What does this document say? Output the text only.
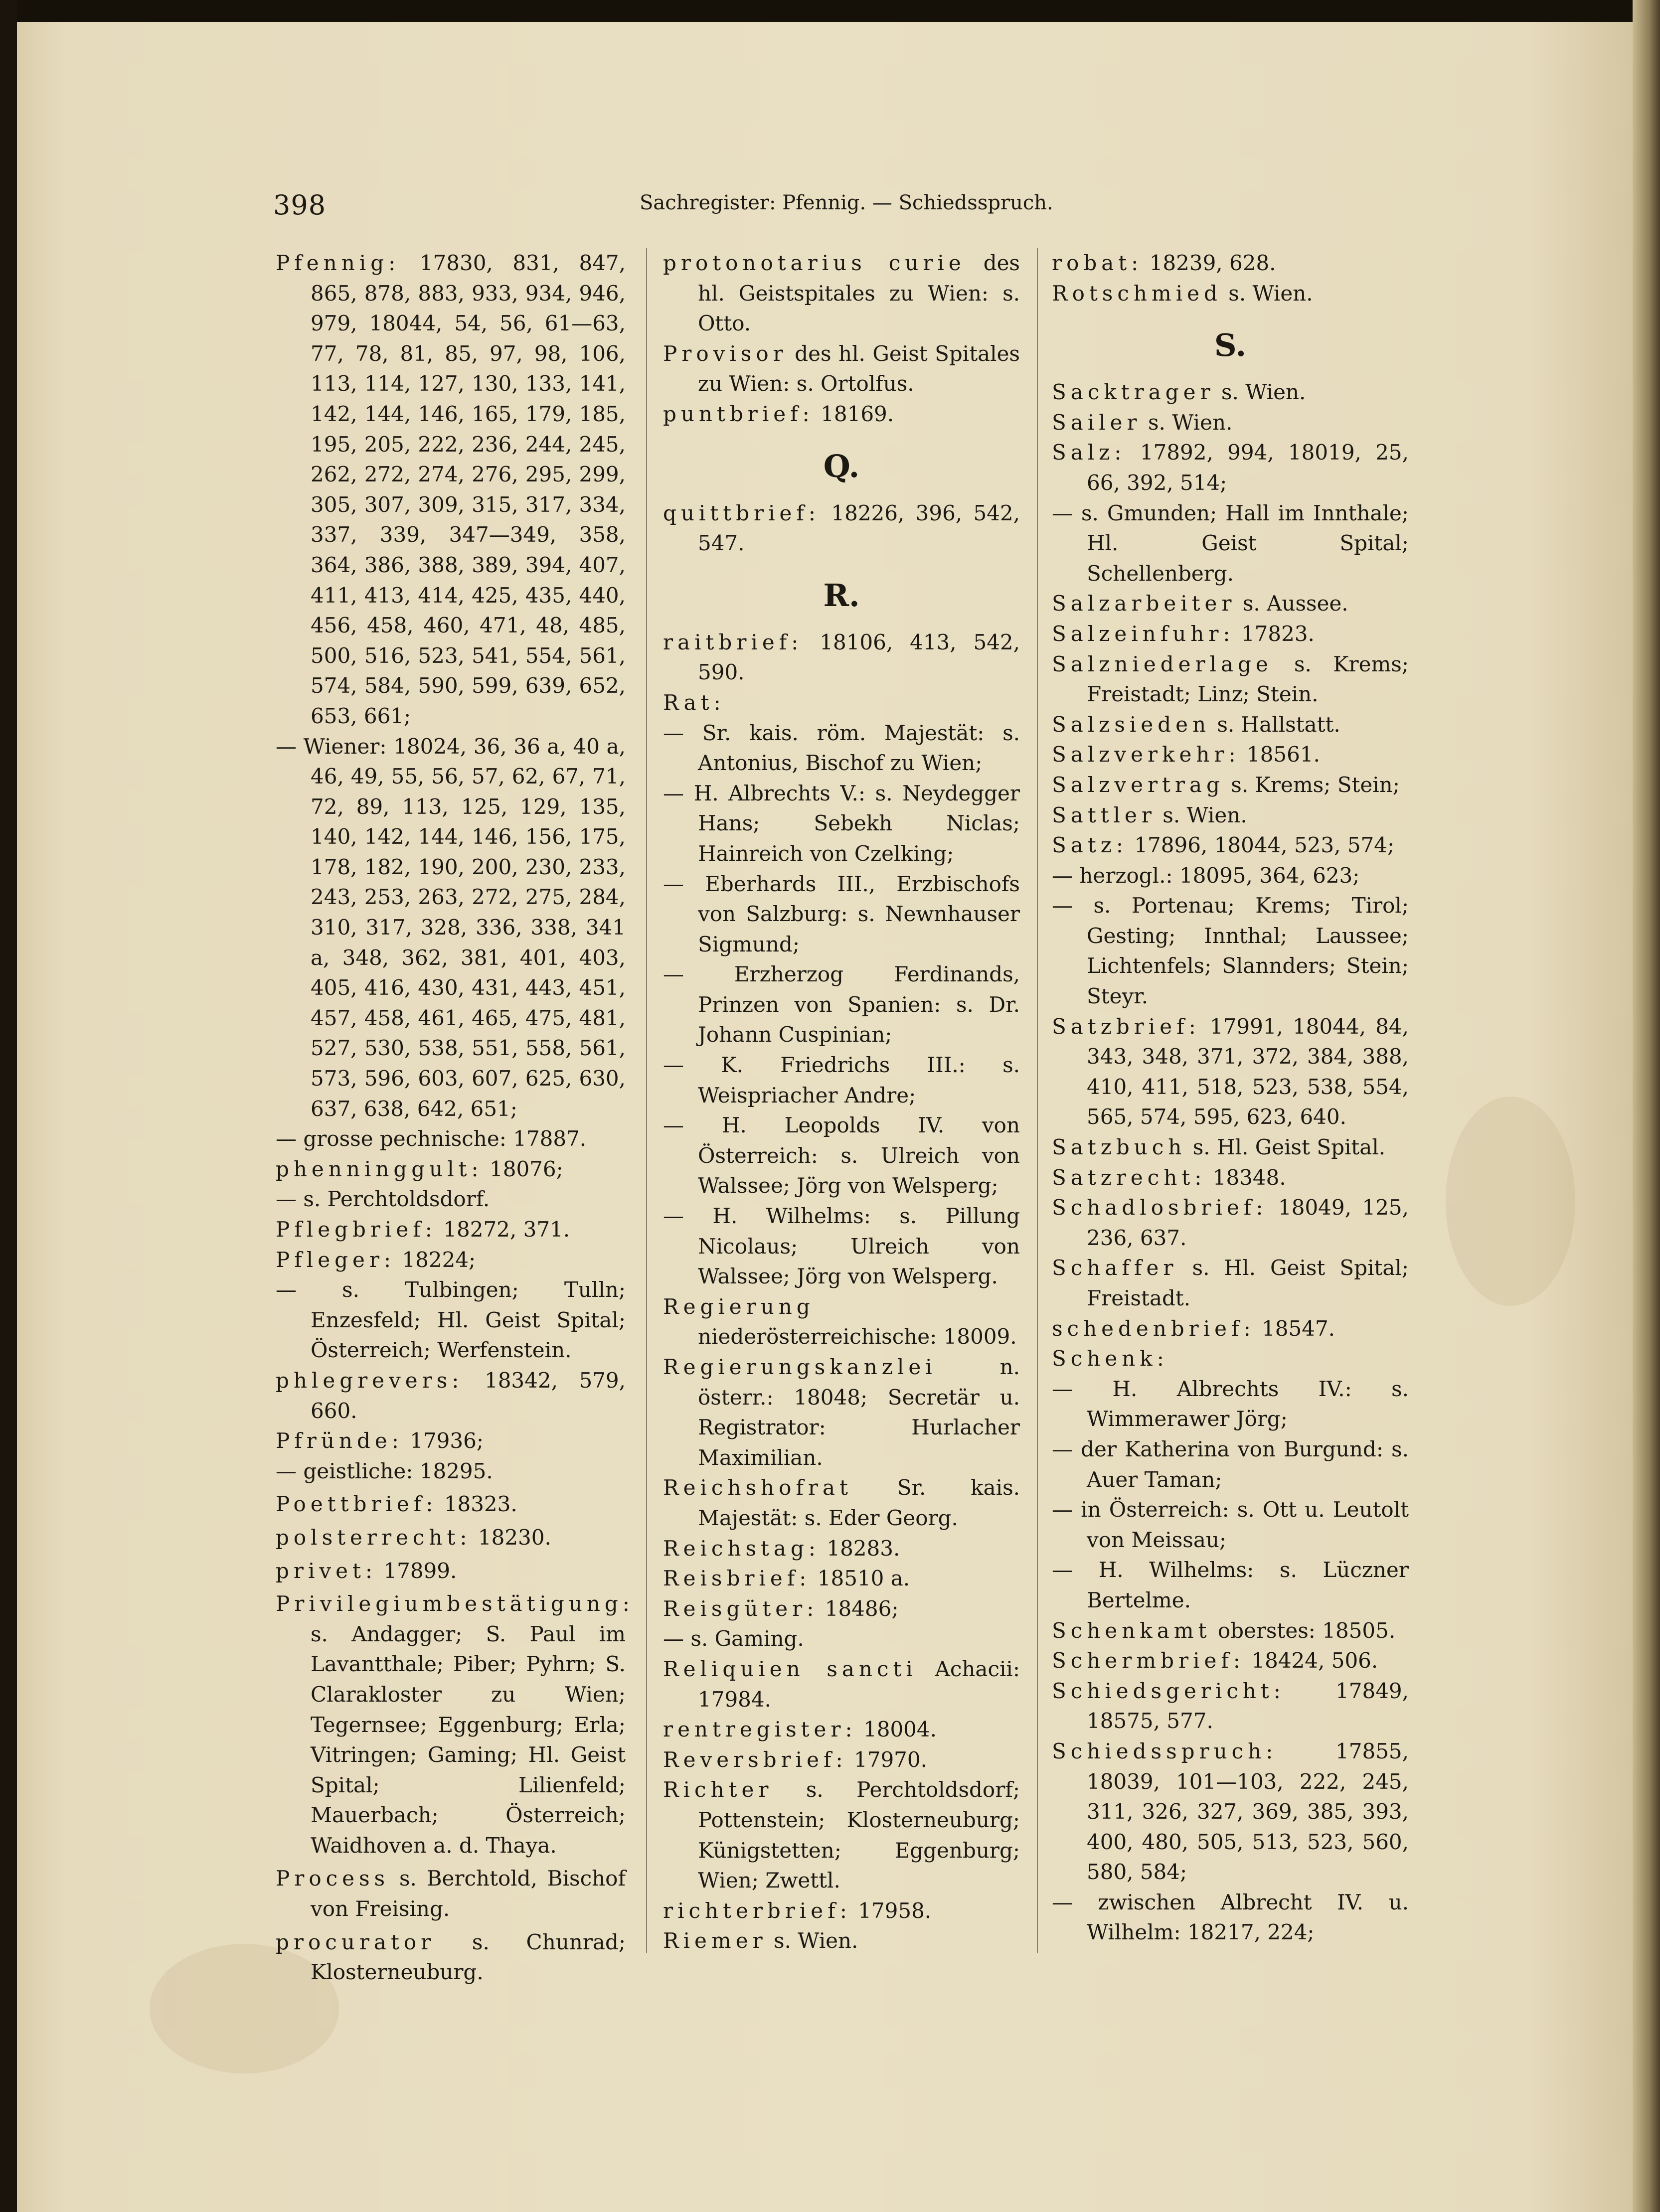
398	Sachregister: Pfennig. — Schiedsspruch.

Pfennig: 17830, 831, 847, 865, 878, 883, 933, 934, 946, 979, 18044, 54, 56, 61—63, 77, 78, 81, 85, 97, 98, 106, 113, 114, 127, 130, 133, 141, 142, 144, 146, 165, 179, 185, 195, 205, 222, 236, 244, 245, 262, 272, 274, 276, 295, 299, 305, 307, 309, 315, 317, 334, 337, 339, 347—349, 358, 364, 386, 388, 389, 394, 407, 411, 413, 414, 425, 435, 440, 456, 458, 460, 471, 48, 485, 500, 516, 523, 541, 554, 561, 574, 584, 590, 599, 639, 652, 653, 661;

— Wiener: 18024, 36, 36 a, 40 a, 46, 49, 55, 56, 57, 62, 67, 71, 72, 89, 113, 125, 129, 135, 140, 142, 144, 146, 156, 175, 178, 182, 190, 200, 230, 233, 243, 253, 263, 272, 275, 284, 310, 317, 328, 336, 338, 341 a, 348, 362, 381, 401, 403, 405, 416, 430, 431, 443, 451, 457, 458, 461, 465, 475, 481, 527, 530, 538, 551, 558, 561, 573, 596, 603, 607, 625, 630, 637, 638, 642, 651;

— grosse pechnische: 17887.

phenninggult: 18076;

— s. Perchtoldsdorf.

Pflegbrief: 18272, 371.

Pfleger: 18224;

— s. Tulbingen; Tulln; Enzesfeld; Hl. Geist Spital; Österreich; Werfenstein.

phlegrevers: 18342, 579, 660.

Pfründe: 17936;

— geistliche: 18295.

Poettbrief: 18323.

polsterrecht: 18230.

privet: 17899.

Privilegiumbestätigung: s. Andagger; S. Paul im Lavantthale; Piber; Pyhrn; S. Clarakloster zu Wien; Tegernsee; Eggenburg; Erla; Vitringen; Gaming; Hl. Geist Spital; Lilienfeld; Mauerbach; Österreich; Waidhoven a. d. Thaya.

Process s. Berchtold, Bischof von Freising.

procurator s. Chunrad; Klosterneuburg.

protonotarius curie des hl. Geistspitales zu Wien: s. Otto.

Provisor des hl. Geist Spitales zu Wien: s. Ortolfus.

puntbrief: 18169.

Q.

quittbrief: 18226, 396, 542, 547.

R.

raitbrief: 18106, 413, 542, 590.

Rat:

— Sr. kais. röm. Majestät: s. Antonius, Bischof zu Wien;

— H. Albrechts V.: s. Neydegger Hans; Sebekh Niclas; Hainreich von Czelking;

— Eberhards III., Erzbischofs von Salzburg: s. Newnhauser Sigmund;

— Erzherzog Ferdinands, Prinzen von Spanien: s. Dr. Johann Cuspinian;

— K. Friedrichs III.: s. Weispriacher Andre;

— H. Leopolds IV. von Österreich: s. Ulreich von Walssee; Jörg von Welsperg;

— H. Wilhelms: s. Pillung Nicolaus; Ulreich von Walssee; Jörg von Welsperg.

Regierung niederösterreichische: 18009.

Regierungskanzlei	n. österr.: 18048; Secretär u. Registrator: Hurlacher Maximilian.

Reichshofrat Sr. kais. Majestät: s. Eder Georg.

Reichstag: 18283.

Reisbrief: 18510 a.

Reisgüter: 18486;

— s. Gaming.

Reliquien sancti Achacii: 17984.

rentregister: 18004.

Reversbrief: 17970.

Richter s. Perchtoldsdorf; Pottenstein; Klosterneuburg; Künigstetten; Eggenburg; Wien; Zwettl.

richterbrief: 17958.

Riemer s. Wien.

robat: 18239, 628.

Rotschmied s. Wien.

S.

Sacktrager s. Wien.

Sailer s. Wien.

Salz: 17892, 994, 18019, 25, 66, 392, 514;

— s. Gmunden; Hall im Innthale; Hl. Geist Spital; Schellenberg.

Salzarbeiter s. Aussee.

Salzeinfuhr: 17823.

Salzniederlage s. Krems; Freistadt; Linz; Stein.

Salzsieden s. Hallstatt.

Salzverkehr: 18561.

Salzvertrag s. Krems; Stein;

Sattler s. Wien.

Satz: 17896, 18044, 523, 574;

— herzogl.: 18095, 364, 623;

— s. Portenau; Krems; Tirol; Gesting; Innthal; Laussee; Lichtenfels; Slannders; Stein; Steyr.

Satzbrief: 17991, 18044, 84, 343, 348, 371, 372, 384, 388, 410, 411, 518, 523, 538, 554, 565, 574, 595, 623, 640.

Satzbuch s. Hl. Geist Spital.

Satzrecht: 18348.

Schadlosbrief: 18049, 125, 236, 637.

Schaffer s. Hl. Geist Spital; Freistadt.

schedenbrief: 18547.

Schenk:

— H. Albrechts IV.: s. Wimmerawer Jörg;

— der Katherina von Burgund: s. Auer Taman;

— in Österreich: s. Ott u. Leutolt von Meissau;

— H. Wilhelms: s. Lüczner Bertelme.

Schenkamt oberstes: 18505.

Schermbrief: 18424, 506.

Schiedsgericht: 17849, 18575, 577.

Schiedsspruch:	17855, 18039, 101—103, 222, 245, 311, 326, 327, 369, 385, 393, 400, 480, 505, 513, 523, 560, 580, 584;

— zwischen Albrecht IV. u. Wilhelm: 18217, 224;
